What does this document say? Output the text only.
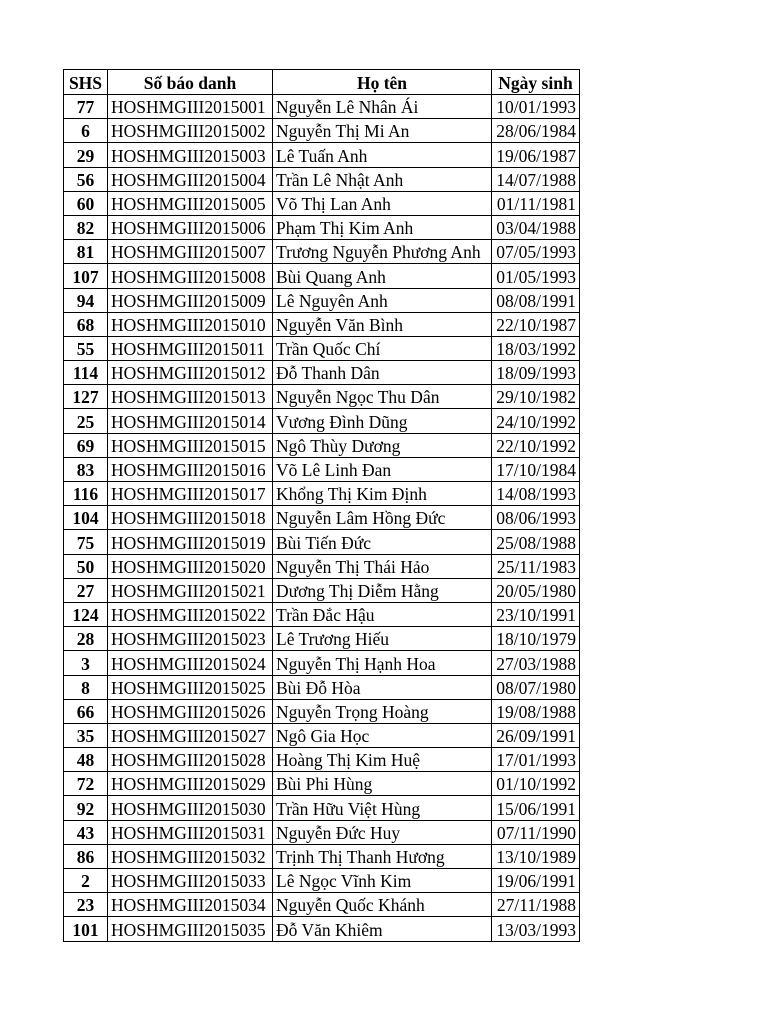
SHS	Số báo danh	Họ tên	Ngày sinh
77	HOSHMGIII2015001	Nguyễn Lê Nhân Ái	10/01/1993
6	HOSHMGIII2015002	Nguyễn Thị Mi An	28/06/1984
29	HOSHMGIII2015003	Lê Tuấn Anh	19/06/1987
56	HOSHMGIII2015004	Trần Lê Nhật Anh	14/07/1988
60	HOSHMGIII2015005	Võ Thị Lan Anh	01/11/1981
82	HOSHMGIII2015006	Phạm Thị Kim Anh	03/04/1988
81	HOSHMGIII2015007	Trương Nguyễn Phương Anh	07/05/1993
107	HOSHMGIII2015008	Bùi Quang Anh	01/05/1993
94	HOSHMGIII2015009	Lê Nguyên Anh	08/08/1991
68	HOSHMGIII2015010	Nguyễn Văn Bình	22/10/1987
55	HOSHMGIII2015011	Trần Quốc Chí	18/03/1992
114	HOSHMGIII2015012	Đỗ Thanh Dân	18/09/1993
127	HOSHMGIII2015013	Nguyễn Ngọc Thu Dân	29/10/1982
25	HOSHMGIII2015014	Vương Đình Dũng	24/10/1992
69	HOSHMGIII2015015	Ngô Thùy Dương	22/10/1992
83	HOSHMGIII2015016	Võ Lê Linh Đan	17/10/1984
116	HOSHMGIII2015017	Khổng Thị Kim Định	14/08/1993
104	HOSHMGIII2015018	Nguyễn Lâm Hồng Đức	08/06/1993
75	HOSHMGIII2015019	Bùi Tiến Đức	25/08/1988
50	HOSHMGIII2015020	Nguyễn Thị Thái Hảo	25/11/1983
27	HOSHMGIII2015021	Dương Thị Diễm Hằng	20/05/1980
124	HOSHMGIII2015022	Trần Đắc Hậu	23/10/1991
28	HOSHMGIII2015023	Lê Trương Hiếu	18/10/1979
3	HOSHMGIII2015024	Nguyễn Thị Hạnh Hoa	27/03/1988
8	HOSHMGIII2015025	Bùi Đỗ Hòa	08/07/1980
66	HOSHMGIII2015026	Nguyễn Trọng Hoàng	19/08/1988
35	HOSHMGIII2015027	Ngô Gia Học	26/09/1991
48	HOSHMGIII2015028	Hoàng Thị Kim Huệ	17/01/1993
72	HOSHMGIII2015029	Bùi Phi Hùng	01/10/1992
92	HOSHMGIII2015030	Trần Hữu Việt Hùng	15/06/1991
43	HOSHMGIII2015031	Nguyễn Đức Huy	07/11/1990
86	HOSHMGIII2015032	Trịnh Thị Thanh Hương	13/10/1989
2	HOSHMGIII2015033	Lê Ngọc Vĩnh Kim	19/06/1991
23	HOSHMGIII2015034	Nguyễn Quốc Khánh	27/11/1988
101	HOSHMGIII2015035	Đỗ Văn Khiêm	13/03/1993
